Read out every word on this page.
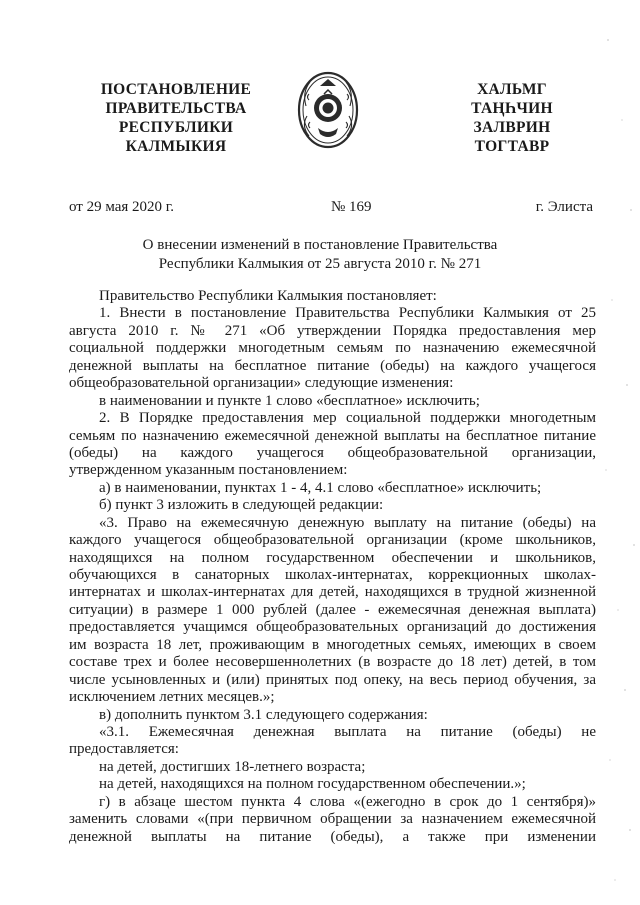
ПОСТАНОВЛЕНИЕ
ПРАВИТЕЛЬСТВА
РЕСПУБЛИКИ
КАЛМЫКИЯ
ХАЛЬМГ
ТАҢҺЧИН
ЗАЛВРИН
ТОГТАВР
от 29 мая 2020 г.	№ 169	г. Элиста
О внесении изменений в постановление Правительства
Республики Калмыкия от 25 августа 2010 г. № 271
Правительство Республики Калмыкия постановляет:
1. Внести в постановление Правительства Республики Калмыкия от 25
августа 2010 г. № 271 «Об утверждении Порядка предоставления мер
социальной поддержки многодетным семьям по назначению ежемесячной
денежной выплаты на бесплатное питание (обеды) на каждого учащегося
общеобразовательной организации» следующие изменения:
в наименовании и пункте 1 слово «бесплатное» исключить;
2. В Порядке предоставления мер социальной поддержки многодетным
семьям по назначению ежемесячной денежной выплаты на бесплатное питание
(обеды) на каждого учащегося общеобразовательной организации,
утвержденном указанным постановлением:
а) в наименовании, пунктах 1 - 4, 4.1 слово «бесплатное» исключить;
б) пункт 3 изложить в следующей редакции:
«3. Право на ежемесячную денежную выплату на питание (обеды) на
каждого учащегося общеобразовательной организации (кроме школьников,
находящихся на полном государственном обеспечении и школьников,
обучающихся в санаторных школах-интернатах, коррекционных школах-
интернатах и школах-интернатах для детей, находящихся в трудной жизненной
ситуации) в размере 1 000 рублей (далее - ежемесячная денежная выплата)
предоставляется учащимся общеобразовательных организаций до достижения
им возраста 18 лет, проживающим в многодетных семьях, имеющих в своем
составе трех и более несовершеннолетних (в возрасте до 18 лет) детей, в том
числе усыновленных и (или) принятых под опеку, на весь период обучения, за
исключением летних месяцев.»;
в) дополнить пунктом 3.1 следующего содержания:
«3.1. Ежемесячная денежная выплата на питание (обеды) не
предоставляется:
на детей, достигших 18-летнего возраста;
на детей, находящихся на полном государственном обеспечении.»;
г) в абзаце шестом пункта 4 слова «(ежегодно в срок до 1 сентября)»
заменить словами «(при первичном обращении за назначением ежемесячной
денежной выплаты на питание (обеды), а также при изменении
